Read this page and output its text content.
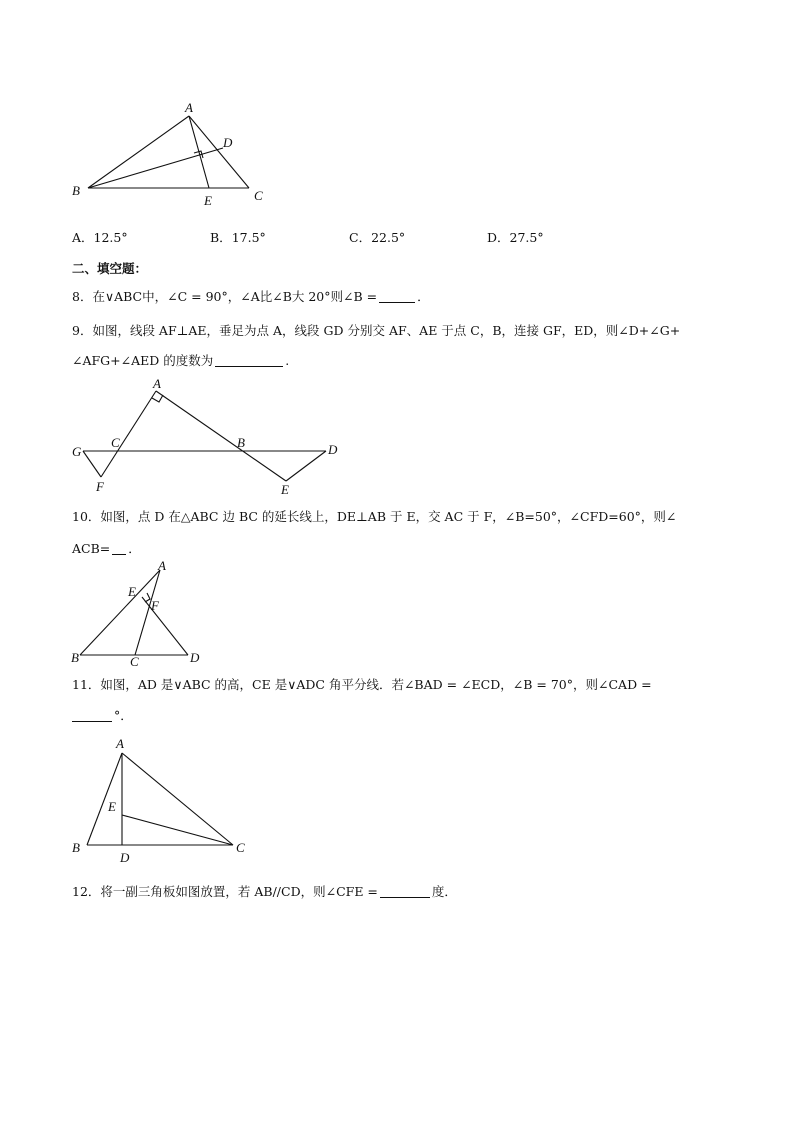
A
B	C
D
E
A．12.5°	B．17.5°	C．22.5°	D．27.5°
二、填空题：
8．在∨ABC中，∠C = 90°，∠A比∠B大 20°则∠B =	．
9．如图，线段 AF⊥AE，垂足为点 A，线段 GD 分别交 AF、AE 于点 C，B，连接 GF，ED，则∠D+∠G+
∠AFG+∠AED 的度数为	.
A
B
C	D
E
F
G
10．如图，点 D 在△ABC 边 BC 的延长线上，DE⊥AB 于 E，交 AC 于 F，∠B=50°，∠CFD=60°，则∠
ACB= ．
A
B	C	D
E
F
11．如图，AD 是∨ABC 的高，CE 是∨ADC 角平分线．若∠BAD = ∠ECD，∠B = 70°，则∠CAD =
°．
A
B	C
D
E
12．将一副三角板如图放置，若 AB//CD，则∠CFE =	度．
